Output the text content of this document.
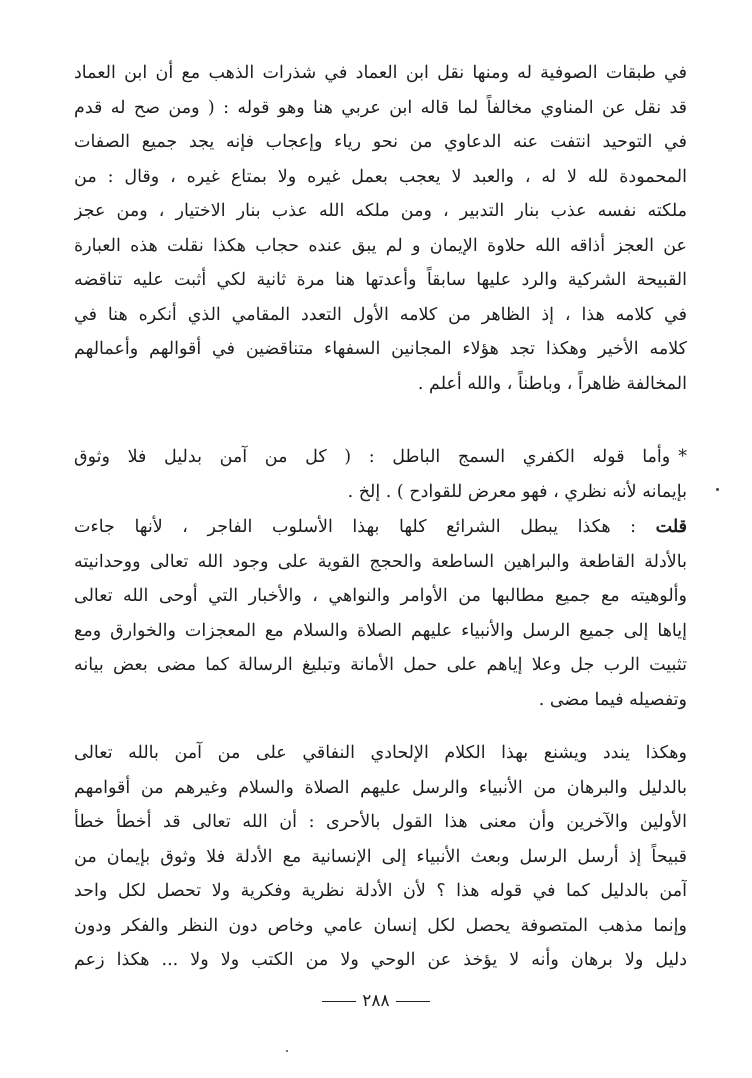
في طبقات الصوفية له ومنها نقل ابن العماد في شذرات الذهب مع أن ابن العماد
قد نقل عن المناوي مخالفاً لما قاله ابن عربي هنا وهو قوله : ( ومن صح له قدم
في التوحيد انتفت عنه الدعاوي من نحو رياء وإعجاب فإنه يجد جميع الصفات
المحمودة لله لا له ، والعبد لا يعجب بعمل غيره ولا بمتاع غيره ، وقال : من
ملكته نفسه عذب بنار التدبير ، ومن ملكه الله عذب بنار الاختيار ، ومن عجز
عن العجز أذاقه الله حلاوة الإيمان و لم يبق عنده حجاب هكذا نقلت هذه العبارة
القبيحة الشركية والرد عليها سابقاً وأعدتها هنا مرة ثانية لكي أثبت عليه تناقضه
في كلامه هذا ، إذ الظاهر من كلامه الأول التعدد المقامي الذي أنكره هنا في
كلامه الأخير وهكذا تجد هؤلاء المجانين السفهاء متناقضين في أقوالهم وأعمالهم
المخالفة ظاهراً ، وباطناً ، والله أعلم .
*وأما قوله الكفري السمج الباطل : ( كل من آمن بدليل فلا وثوق
بإيمانه لأنه نظري ، فهو معرض للقوادح ) . إلخ .
قلت : هكذا يبطل الشرائع كلها بهذا الأسلوب الفاجر ، لأنها جاءت
بالأدلة القاطعة والبراهين الساطعة والحجج القوية على وجود الله تعالى ووحدانيته
وألوهيته مع جميع مطالبها من الأوامر والنواهي ، والأخبار التي أوحى الله تعالى
إياها إلى جميع الرسل والأنبياء عليهم الصلاة والسلام مع المعجزات والخوارق ومع
تثبيت الرب جل وعلا إياهم على حمل الأمانة وتبليغ الرسالة كما مضى بعض بيانه
وتفصيله فيما مضى .
وهكذا يندد ويشنع بهذا الكلام الإلحادي النفاقي على من آمن بالله تعالى
بالدليل والبرهان من الأنبياء والرسل عليهم الصلاة والسلام وغيرهم من أقوامهم
الأولين والآخرين وأن معنى هذا القول بالأحرى : أن الله تعالى قد أخطأ خطأ
قبيحاً إذ أرسل الرسل وبعث الأنبياء إلى الإنسانية مع الأدلة فلا وثوق بإيمان من
آمن بالدليل كما في قوله هذا ؟ لأن الأدلة نظرية وفكرية ولا تحصل لكل واحد
وإنما مذهب المتصوفة يحصل لكل إنسان عامي وخاص دون النظر والفكر ودون
دليل ولا برهان وأنه لا يؤخذ عن الوحي ولا من الكتب ولا ولا ... هكذا زعم
٢٨٨
